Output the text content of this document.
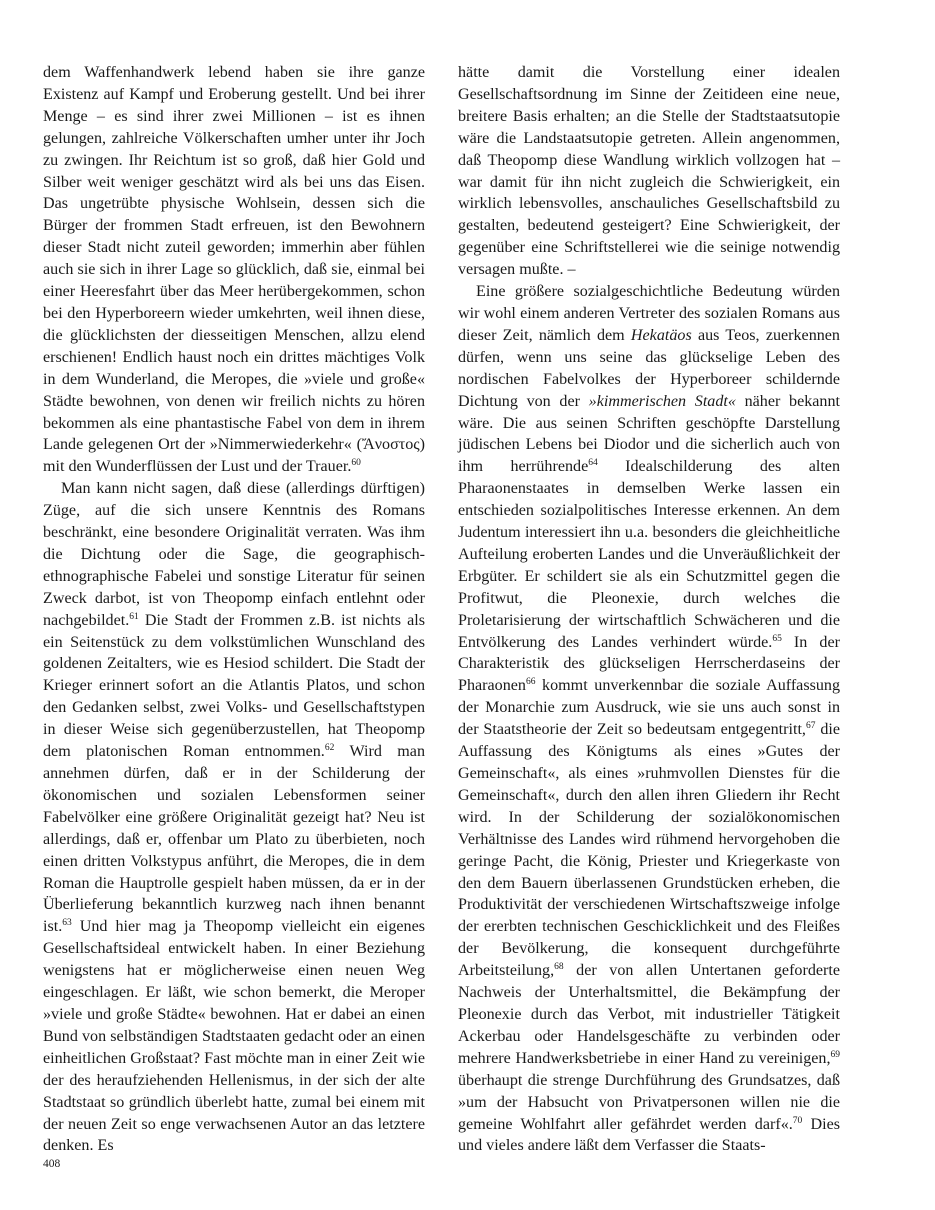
dem Waffenhandwerk lebend haben sie ihre ganze Existenz auf Kampf und Eroberung gestellt. Und bei ihrer Menge – es sind ihrer zwei Millionen – ist es ihnen gelungen, zahlreiche Völkerschaften umher unter ihr Joch zu zwingen. Ihr Reichtum ist so groß, daß hier Gold und Silber weit weniger geschätzt wird als bei uns das Eisen. Das ungetrübte physische Wohlsein, dessen sich die Bürger der frommen Stadt erfreuen, ist den Bewohnern dieser Stadt nicht zuteil geworden; immerhin aber fühlen auch sie sich in ihrer Lage so glücklich, daß sie, einmal bei einer Heeresfahrt über das Meer herübergekommen, schon bei den Hyperboreern wieder umkehrten, weil ihnen diese, die glücklichsten der diesseitigen Menschen, allzu elend erschienen! Endlich haust noch ein drittes mächtiges Volk in dem Wunderland, die Meropes, die »viele und große« Städte bewohnen, von denen wir freilich nichts zu hören bekommen als eine phantastische Fabel von dem in ihrem Lande gelegenen Ort der »Nimmerwiederkehr« (Ἄνοστος) mit den Wunderflüssen der Lust und der Trauer.$^{60}$

Man kann nicht sagen, daß diese (allerdings dürftigen) Züge, auf die sich unsere Kenntnis des Romans beschränkt, eine besondere Originalität verraten. Was ihm die Dichtung oder die Sage, die geographisch-ethnographische Fabelei und sonstige Literatur für seinen Zweck darbot, ist von Theopomp einfach entlehnt oder nachgebildet.$^{61}$ Die Stadt der Frommen z.B. ist nichts als ein Seitenstück zu dem volkstümlichen Wunschland des goldenen Zeitalters, wie es Hesiod schildert. Die Stadt der Krieger erinnert sofort an die Atlantis Platos, und schon den Gedanken selbst, zwei Volks- und Gesellschaftstypen in dieser Weise sich gegenüberzustellen, hat Theopomp dem platonischen Roman entnommen.$^{62}$ Wird man annehmen dürfen, daß er in der Schilderung der ökonomischen und sozialen Lebensformen seiner Fabelvölker eine größere Originalität gezeigt hat? Neu ist allerdings, daß er, offenbar um Plato zu überbieten, noch einen dritten Volkstypus anführt, die Meropes, die in dem Roman die Hauptrolle gespielt haben müssen, da er in der Überlieferung bekanntlich kurzweg nach ihnen benannt ist.$^{63}$ Und hier mag ja Theopomp vielleicht ein eigenes Gesellschaftsideal entwickelt haben. In einer Beziehung wenigstens hat er möglicherweise einen neuen Weg eingeschlagen. Er läßt, wie schon bemerkt, die Meroper »viele und große Städte« bewohnen. Hat er dabei an einen Bund von selbständigen Stadtstaaten gedacht oder an einen einheitlichen Großstaat? Fast möchte man in einer Zeit wie der des heraufziehenden Hellenismus, in der sich der alte Stadtstaat so gründlich überlebt hatte, zumal bei einem mit der neuen Zeit so enge verwachsenen Autor an das letztere denken. Es

hätte damit die Vorstellung einer idealen Gesellschaftsordnung im Sinne der Zeitideen eine neue, breitere Basis erhalten; an die Stelle der Stadtstaatsutopie wäre die Landstaatsutopie getreten. Allein angenommen, daß Theopomp diese Wandlung wirklich vollzogen hat – war damit für ihn nicht zugleich die Schwierigkeit, ein wirklich lebensvolles, anschauliches Gesellschaftsbild zu gestalten, bedeutend gesteigert? Eine Schwierigkeit, der gegenüber eine Schriftstellerei wie die seinige notwendig versagen mußte. –

Eine größere sozialgeschichtliche Bedeutung würden wir wohl einem anderen Vertreter des sozialen Romans aus dieser Zeit, nämlich dem Hekatäos aus Teos, zuerkennen dürfen, wenn uns seine das glückselige Leben des nordischen Fabelvolkes der Hyperboreer schildernde Dichtung von der »kimmerischen Stadt« näher bekannt wäre. Die aus seinen Schriften geschöpfte Darstellung jüdischen Lebens bei Diodor und die sicherlich auch von ihm herrührende$^{64}$ Idealschilderung des alten Pharaonenstaates in demselben Werke lassen ein entschieden sozialpolitisches Interesse erkennen. An dem Judentum interessiert ihn u.a. besonders die gleichheitliche Aufteilung eroberten Landes und die Unveräußlichkeit der Erbgüter. Er schildert sie als ein Schutzmittel gegen die Profitwut, die Pleonexie, durch welches die Proletarisierung der wirtschaftlich Schwächeren und die Entvölkerung des Landes verhindert würde.$^{65}$ In der Charakteristik des glückseligen Herrscherdaseins der Pharaonen$^{66}$ kommt unverkennbar die soziale Auffassung der Monarchie zum Ausdruck, wie sie uns auch sonst in der Staatstheorie der Zeit so bedeutsam entgegentritt,$^{67}$ die Auffassung des Königtums als eines »Gutes der Gemeinschaft«, als eines »ruhmvollen Dienstes für die Gemeinschaft«, durch den allen ihren Gliedern ihr Recht wird. In der Schilderung der sozialökonomischen Verhältnisse des Landes wird rühmend hervorgehoben die geringe Pacht, die König, Priester und Kriegerkaste von den dem Bauern überlassenen Grundstücken erheben, die Produktivität der verschiedenen Wirtschaftszweige infolge der ererbten technischen Geschicklichkeit und des Fleißes der Bevölkerung, die konsequent durchgeführte Arbeitsteilung,$^{68}$ der von allen Untertanen geforderte Nachweis der Unterhaltsmittel, die Bekämpfung der Pleonexie durch das Verbot, mit industrieller Tätigkeit Ackerbau oder Handelsgeschäfte zu verbinden oder mehrere Handwerksbetriebe in einer Hand zu vereinigen,$^{69}$ überhaupt die strenge Durchführung des Grundsatzes, daß »um der Habsucht von Privatpersonen willen nie die gemeine Wohlfahrt aller gefährdet werden darf«.$^{70}$ Dies und vieles andere läßt dem Verfasser die Staats-

408
